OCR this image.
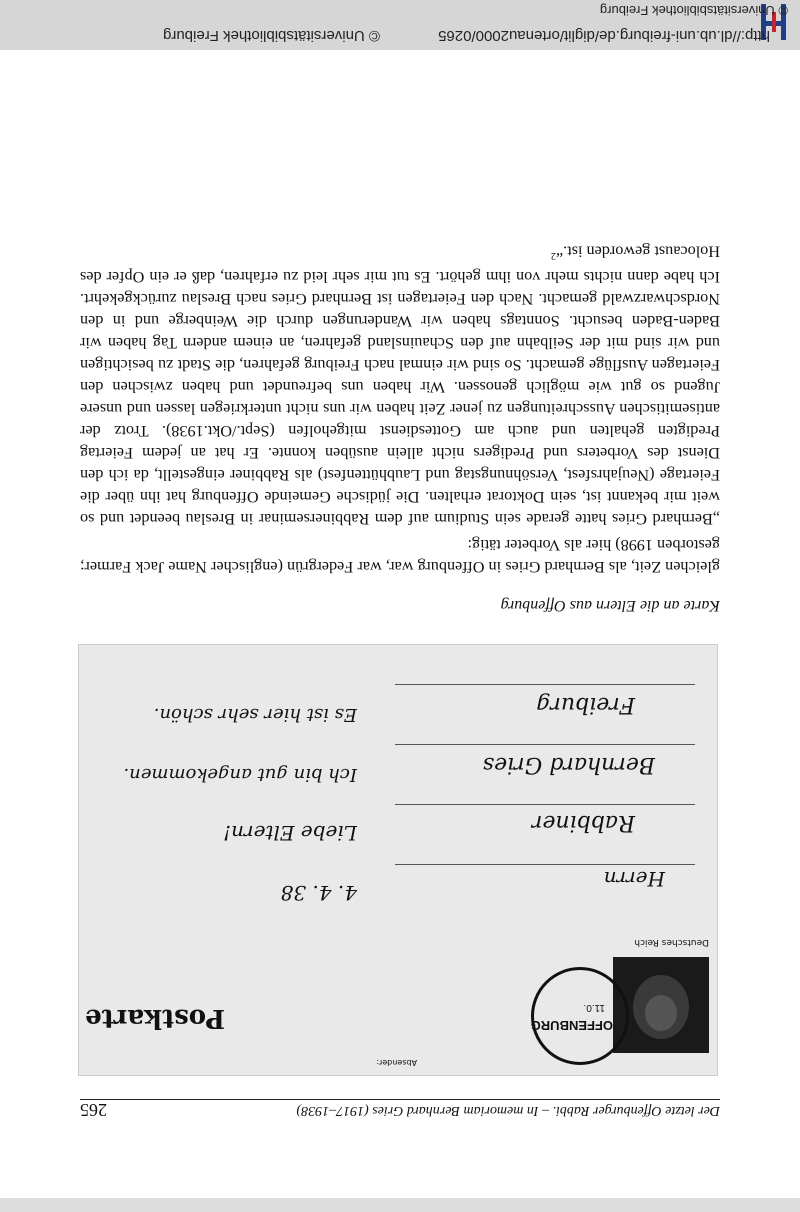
http://dl.ub.uni-freiburg.de/diglit/ortenau2000/0265
© Universitätsbibliothek Freiburg
© Universitätsbibliothek Freiburg
Der letzte Offenburger Rabbi. – In memoriam Bernhard Gries (1917–1938)
265
Absender:
Deutsches Reich
OFFENBURG
11.0.
Postkarte
Herrn
Rabbiner
Bernhard Gries
Freiburg
4. 4. 38
Liebe Eltern!
Ich bin gut angekommen.
Es ist hier sehr schön.
Karte an die Eltern aus Offenburg

gleichen Zeit, als Bernhard Gries in Offenburg war, war Federgrün (englischer Name Jack Farmer; gestorben 1998) hier als Vorbeter tätig:

„Bernhard Gries hatte gerade sein Studium auf dem Rabbinerseminar in Breslau beendet und so weit mir bekannt ist, sein Doktorat erhalten. Die jüdische Gemeinde Offenburg hat ihn über die Feiertage (Neujahrsfest, Versöhnungstag und Laubhüttenfest) als Rabbiner eingestellt, da ich den Dienst des Vorbeters und Predigers nicht allein ausüben konnte. Er hat an jedem Feiertag Predigten gehalten und auch am Gottesdienst mitgeholfen (Sept./Okt.1938). Trotz der antisemitischen Ausschreitungen zu jener Zeit haben wir uns nicht unterkriegen lassen und unsere Jugend so gut wie möglich genossen. Wir haben uns befreundet und haben zwischen den Feiertagen Ausflüge gemacht. So sind wir einmal nach Freiburg gefahren, die Stadt zu besichtigen und wir sind mit der Seilbahn auf den Schauinsland gefahren, an einem andern Tag haben wir Baden-Baden besucht. Sonntags haben wir Wanderungen durch die Weinberge und in den Nordschwarzwald gemacht. Nach den Feiertagen ist Bernhard Gries nach Breslau zurückgekehrt. Ich habe dann nichts mehr von ihm gehört. Es tut mir sehr leid zu erfahren, daß er ein Opfer des Holocaust geworden ist.“$^2$
